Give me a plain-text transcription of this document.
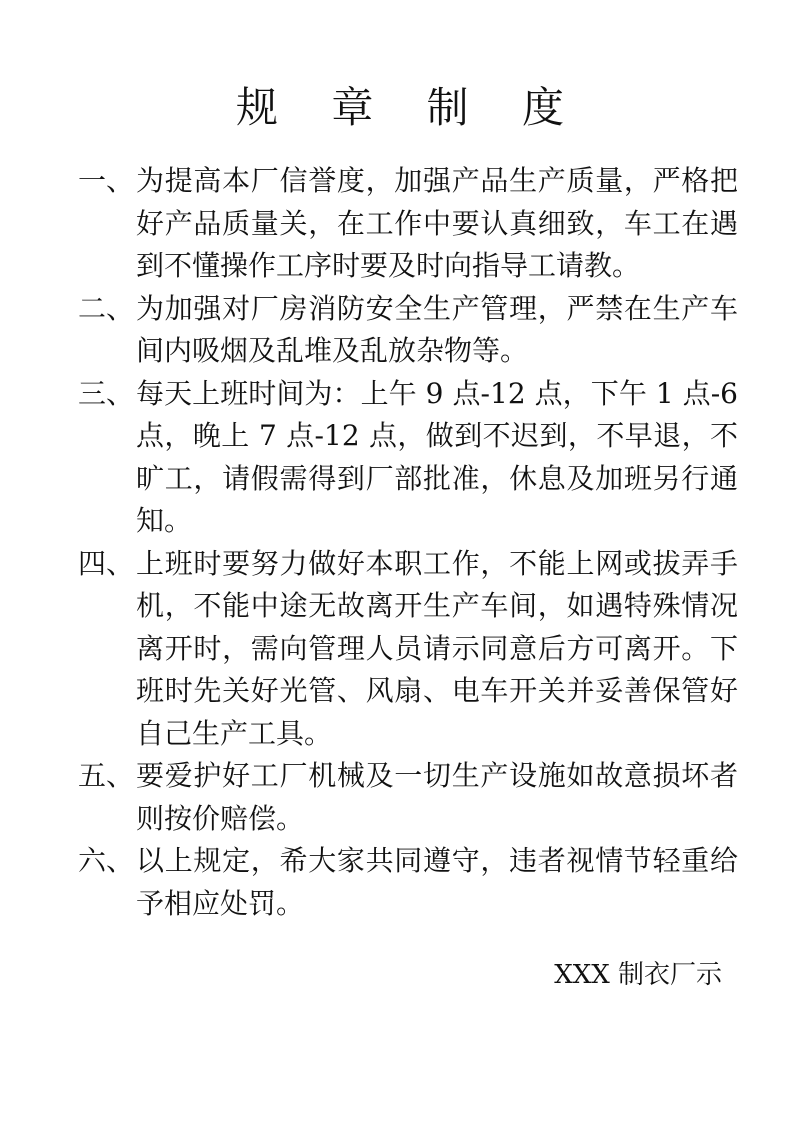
规 章 制 度
一、 为提高本厂信誉度，加强产品生产质量，严格把好产品质量关，在工作中要认真细致，车工在遇到不懂操作工序时要及时向指导工请教。
二、 为加强对厂房消防安全生产管理，严禁在生产车间内吸烟及乱堆及乱放杂物等。
三、 每天上班时间为：上午 9 点-12 点，下午 1 点-6 点，晚上 7 点-12 点，做到不迟到，不早退，不旷工，请假需得到厂部批准，休息及加班另行通知。
四、 上班时要努力做好本职工作，不能上网或拔弄手机，不能中途无故离开生产车间，如遇特殊情况离开时，需向管理人员请示同意后方可离开。下班时先关好光管、风扇、电车开关并妥善保管好自己生产工具。
五、 要爱护好工厂机械及一切生产设施如故意损坏者则按价赔偿。
六、 以上规定，希大家共同遵守，违者视情节轻重给予相应处罚。
XXX 制衣厂示
